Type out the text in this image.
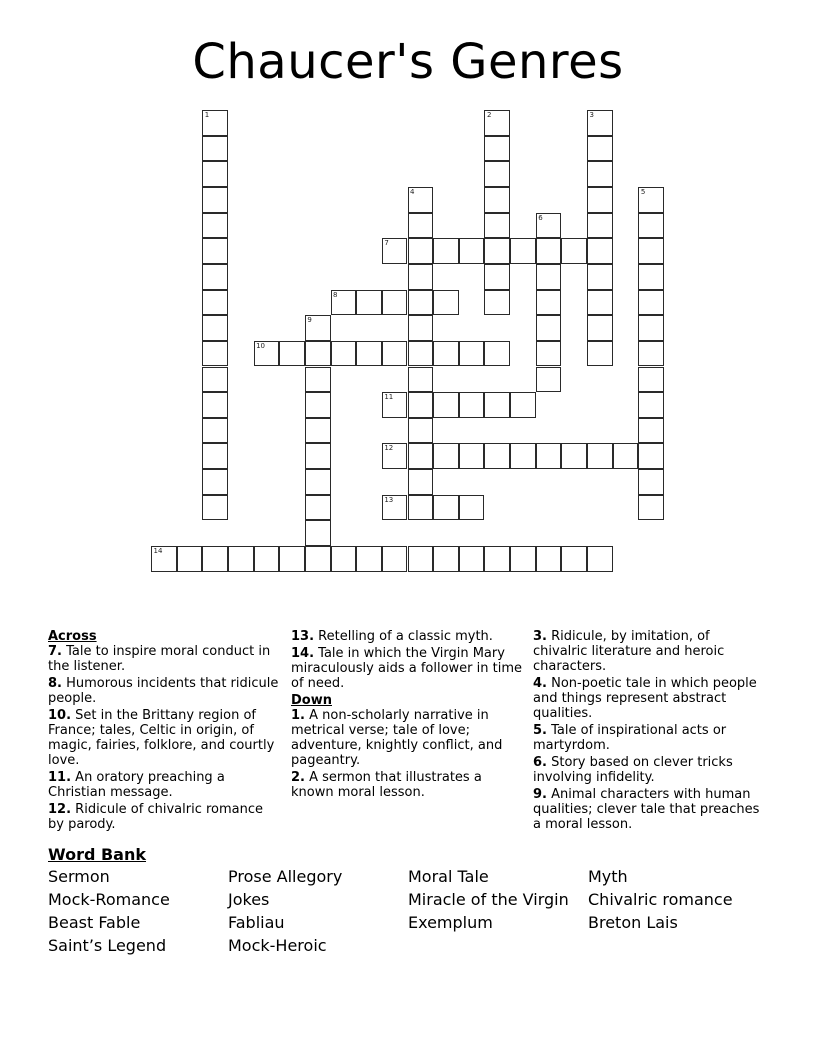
Chaucer's Genres
1	2	3
4	5
6
7
8
9
10
11
12
13
14
Across
7. Tale to inspire moral conduct in the listener.
8. Humorous incidents that ridicule people.
10. Set in the Brittany region of France; tales, Celtic in origin, of magic, fairies, folklore, and courtly love.
11. An oratory preaching a Christian message.
12. Ridicule of chivalric romance by parody.
13. Retelling of a classic myth.
14. Tale in which the Virgin Mary miraculously aids a follower in time of need.
Down
1. A non-scholarly narrative in metrical verse; tale of love; adventure, knightly conflict, and pageantry.
2. A sermon that illustrates a known moral lesson.
3. Ridicule, by imitation, of chivalric literature and heroic characters.
4. Non-poetic tale in which people and things represent abstract qualities.
5. Tale of inspirational acts or martyrdom.
6. Story based on clever tricks involving infidelity.
9. Animal characters with human qualities; clever tale that preaches a moral lesson.
Word Bank
Sermon	Prose Allegory	Moral Tale	Myth
Mock-Romance	Jokes	Miracle of the Virgin	Chivalric romance
Beast Fable	Fabliau	Exemplum	Breton Lais
Saint’s Legend	Mock-Heroic
